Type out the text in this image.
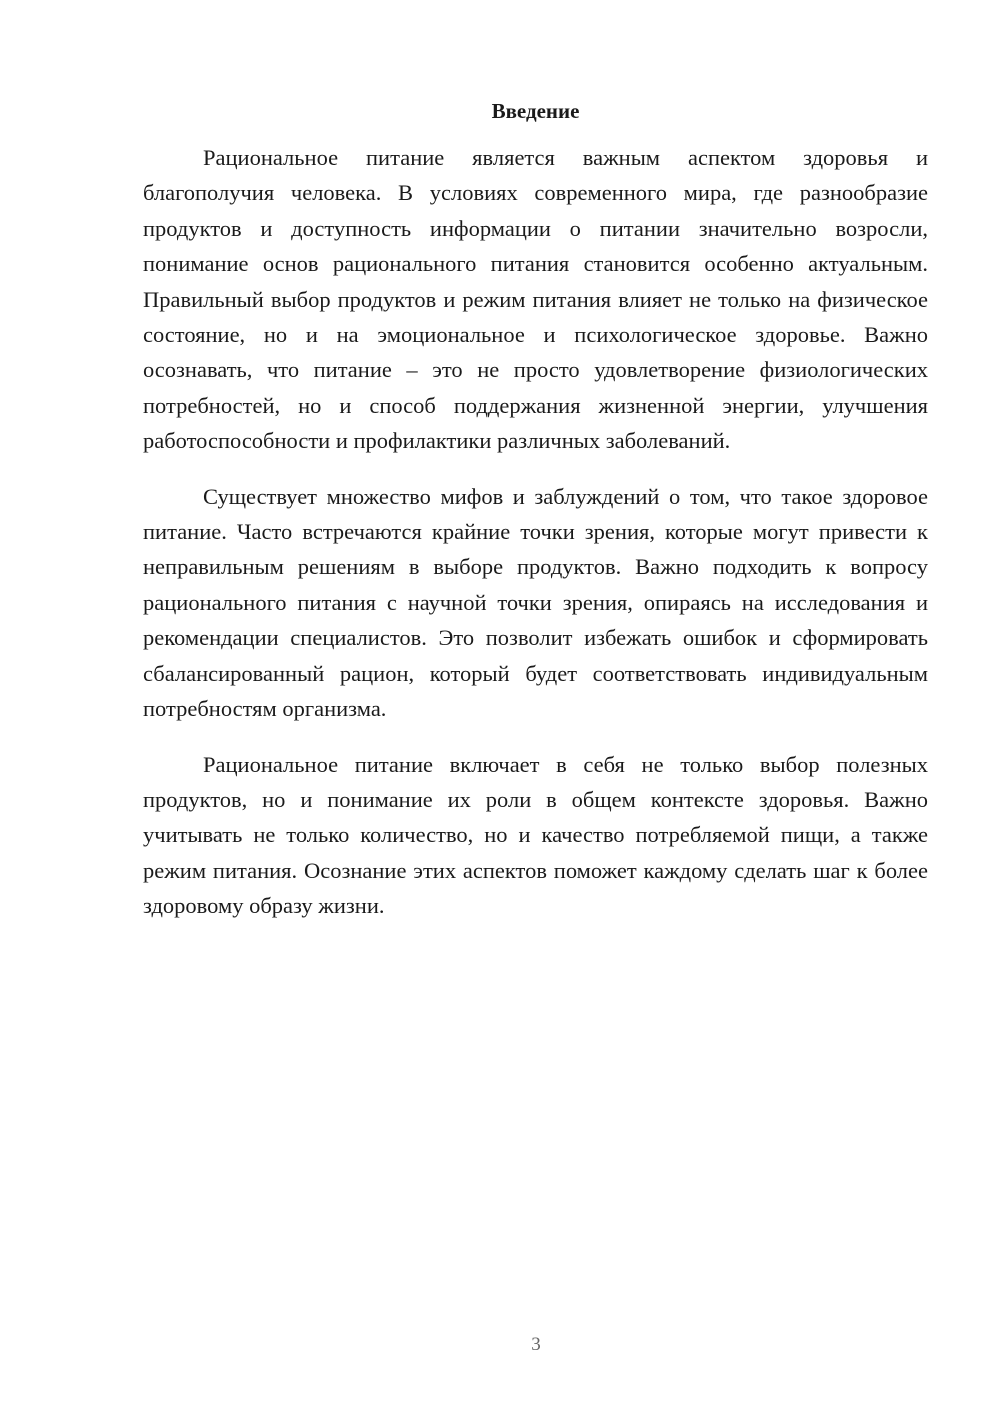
Введение

Рациональное питание является важным аспектом здоровья и благополучия человека. В условиях современного мира, где разнообразие продуктов и доступность информации о питании значительно возросли, понимание основ рационального питания становится особенно актуальным. Правильный выбор продуктов и режим питания влияет не только на физическое состояние, но и на эмоциональное и психологическое здоровье. Важно осознавать, что питание – это не просто удовлетворение физиологических потребностей, но и способ поддержания жизненной энергии, улучшения работоспособности и профилактики различных заболеваний.

Существует множество мифов и заблуждений о том, что такое здоровое питание. Часто встречаются крайние точки зрения, которые могут привести к неправильным решениям в выборе продуктов. Важно подходить к вопросу рационального питания с научной точки зрения, опираясь на исследования и рекомендации специалистов. Это позволит избежать ошибок и сформировать сбалансированный рацион, который будет соответствовать индивидуальным потребностям организма.

Рациональное питание включает в себя не только выбор полезных продуктов, но и понимание их роли в общем контексте здоровья. Важно учитывать не только количество, но и качество потребляемой пищи, а также режим питания. Осознание этих аспектов поможет каждому сделать шаг к более здоровому образу жизни.

3
